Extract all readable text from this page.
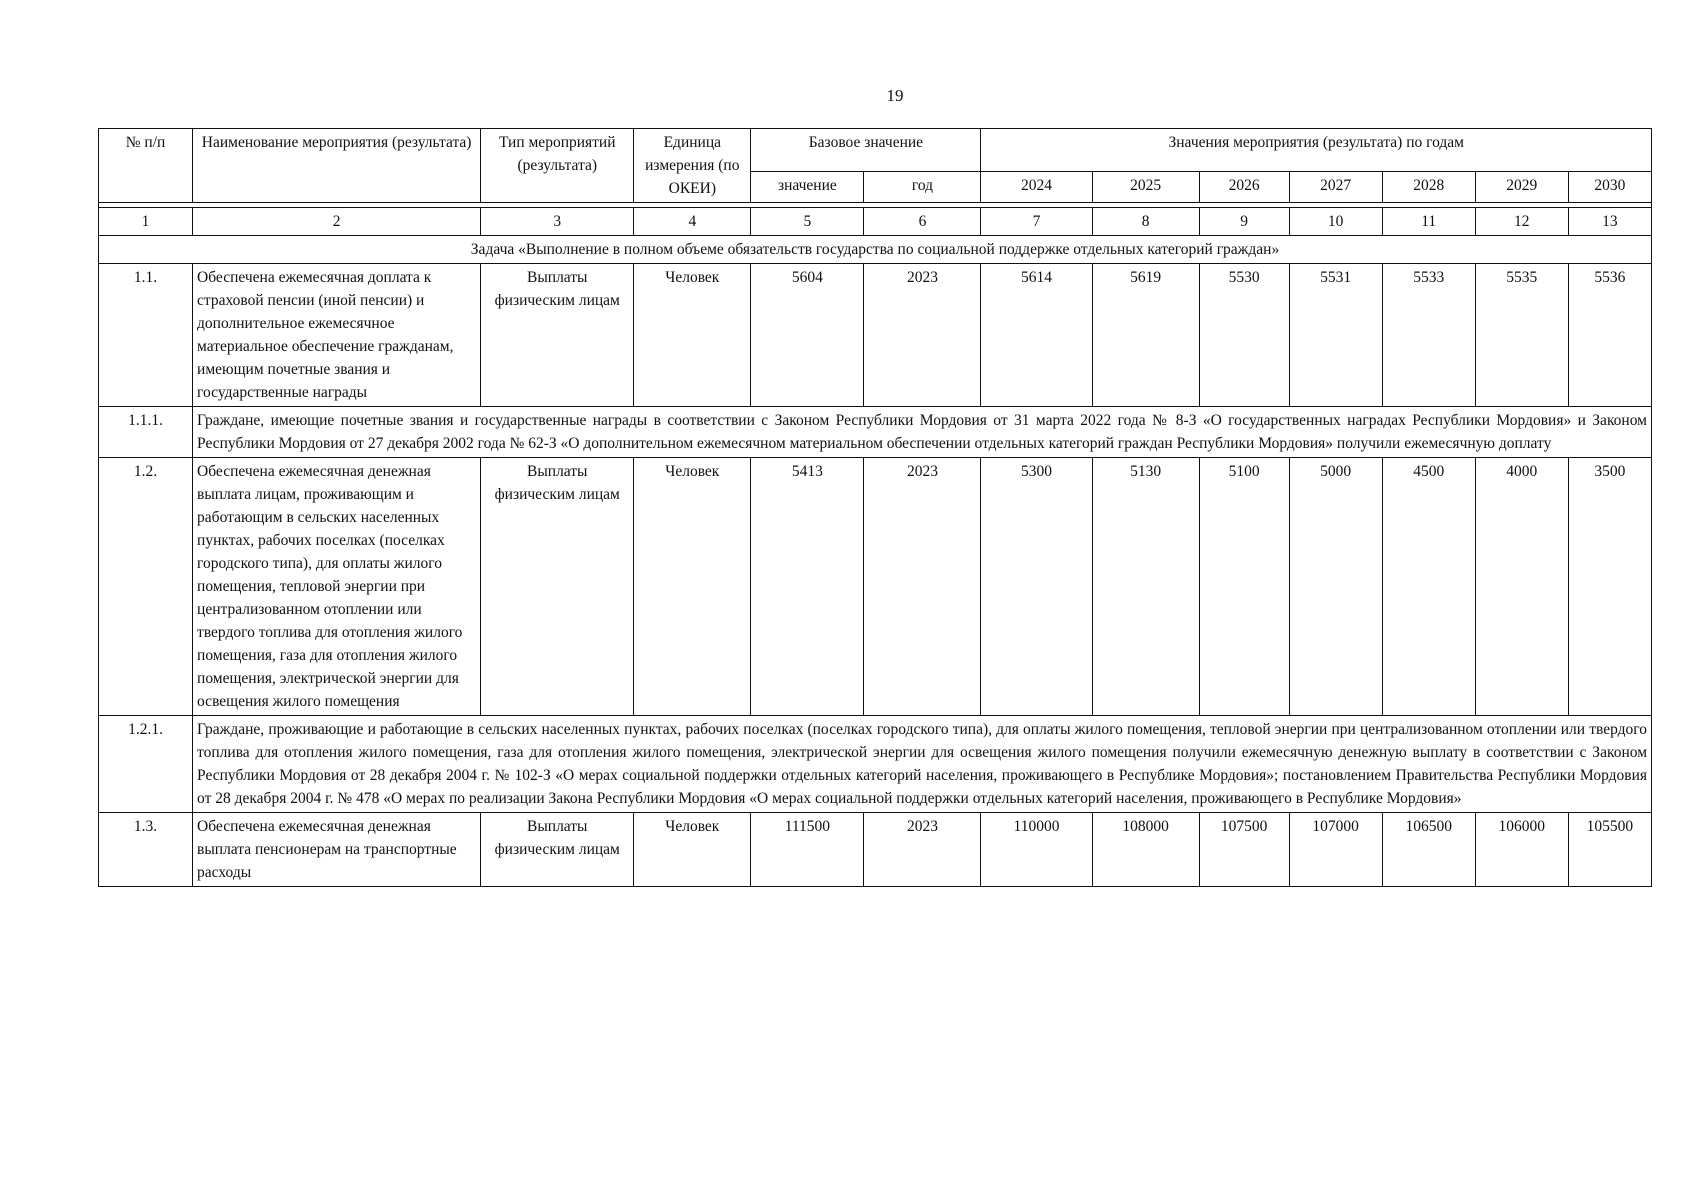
19
№ п/п	Наименование мероприятия (результата)	Тип мероприятий (результата)	Единица измерения (по ОКЕИ)	Базовое значение		Значения мероприятия (результата) по годам						
				значение	год	2024	2025	2026	2027	2028	2029	2030

1	2	3	4	5	6	7	8	9	10	11	12	13
Задача «Выполнение в полном объеме обязательств государства по социальной поддержке отдельных категорий граждан»												
1.1.	Обеспечена ежемесячная доплата к страховой пенсии (иной пенсии) и дополнительное ежемесячное материальное обеспечение гражданам, имеющим почетные звания и государственные награды	Выплаты физическим лицам	Человек	5604	2023	5614	5619	5530	5531	5533	5535	5536
1.1.1.	Граждане, имеющие почетные звания и государственные награды в соответствии с Законом Республики Мордовия от 31 марта 2022 года № 8-З «О государственных наградах Республики Мордовия» и Законом Республики Мордовия от 27 декабря 2002 года № 62-З «О дополнительном ежемесячном материальном обеспечении отдельных категорий граждан Республики Мордовия» получили ежемесячную доплату											
1.2.	Обеспечена ежемесячная денежная выплата лицам, проживающим и работающим в сельских населенных пунктах, рабочих поселках (поселках городского типа), для оплаты жилого помещения, тепловой энергии при централизованном отоплении или твердого топлива для отопления жилого помещения, газа для отопления жилого помещения, электрической энергии для освещения жилого помещения	Выплаты физическим лицам	Человек	5413	2023	5300	5130	5100	5000	4500	4000	3500
1.2.1.	Граждане, проживающие и работающие в сельских населенных пунктах, рабочих поселках (поселках городского типа), для оплаты жилого помещения, тепловой энергии при централизованном отоплении или твердого топлива для отопления жилого помещения, газа для отопления жилого помещения, электрической энергии для освещения жилого помещения получили ежемесячную денежную выплату в соответствии с Законом Республики Мордовия от 28 декабря 2004 г. № 102-З «О мерах социальной поддержки отдельных категорий населения, проживающего в Республике Мордовия»; постановлением Правительства Республики Мордовия от 28 декабря 2004 г. № 478 «О мерах по реализации Закона Республики Мордовия «О мерах социальной поддержки отдельных категорий населения, проживающего в Республике Мордовия»											
1.3.	Обеспечена ежемесячная денежная выплата пенсионерам на транспортные расходы	Выплаты физическим лицам	Человек	111500	2023	110000	108000	107500	107000	106500	106000	105500
